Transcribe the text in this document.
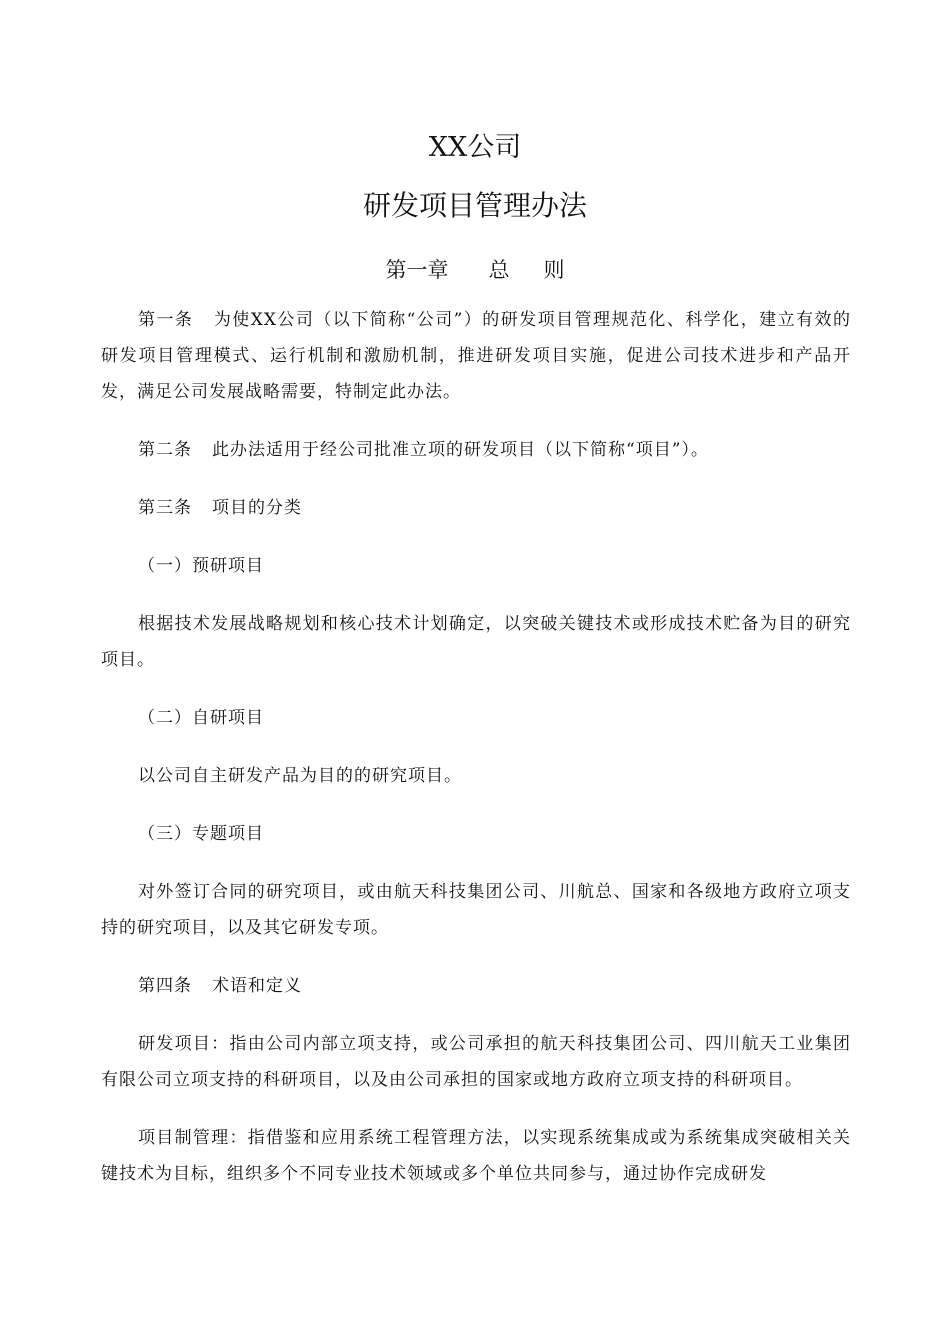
XX公司
研发项目管理办法
第一章 总 则

第一条 为使XX公司（以下简称“公司”）的研发项目管理规范化、科学化，建立有效的研发项目管理模式、运行机制和激励机制，推进研发项目实施，促进公司技术进步和产品开发，满足公司发展战略需要，特制定此办法。

第二条 此办法适用于经公司批准立项的研发项目（以下简称“项目”）。

第三条 项目的分类

（一）预研项目

根据技术发展战略规划和核心技术计划确定，以突破关键技术或形成技术贮备为目的研究项目。

（二）自研项目

以公司自主研发产品为目的的研究项目。

（三）专题项目

对外签订合同的研究项目，或由航天科技集团公司、川航总、国家和各级地方政府立项支持的研究项目，以及其它研发专项。

第四条 术语和定义

研发项目：指由公司内部立项支持，或公司承担的航天科技集团公司、四川航天工业集团有限公司立项支持的科研项目，以及由公司承担的国家或地方政府立项支持的科研项目。

项目制管理：指借鉴和应用系统工程管理方法，以实现系统集成或为系统集成突破相关关键技术为目标，组织多个不同专业技术领域或多个单位共同参与，通过协作完成研发
